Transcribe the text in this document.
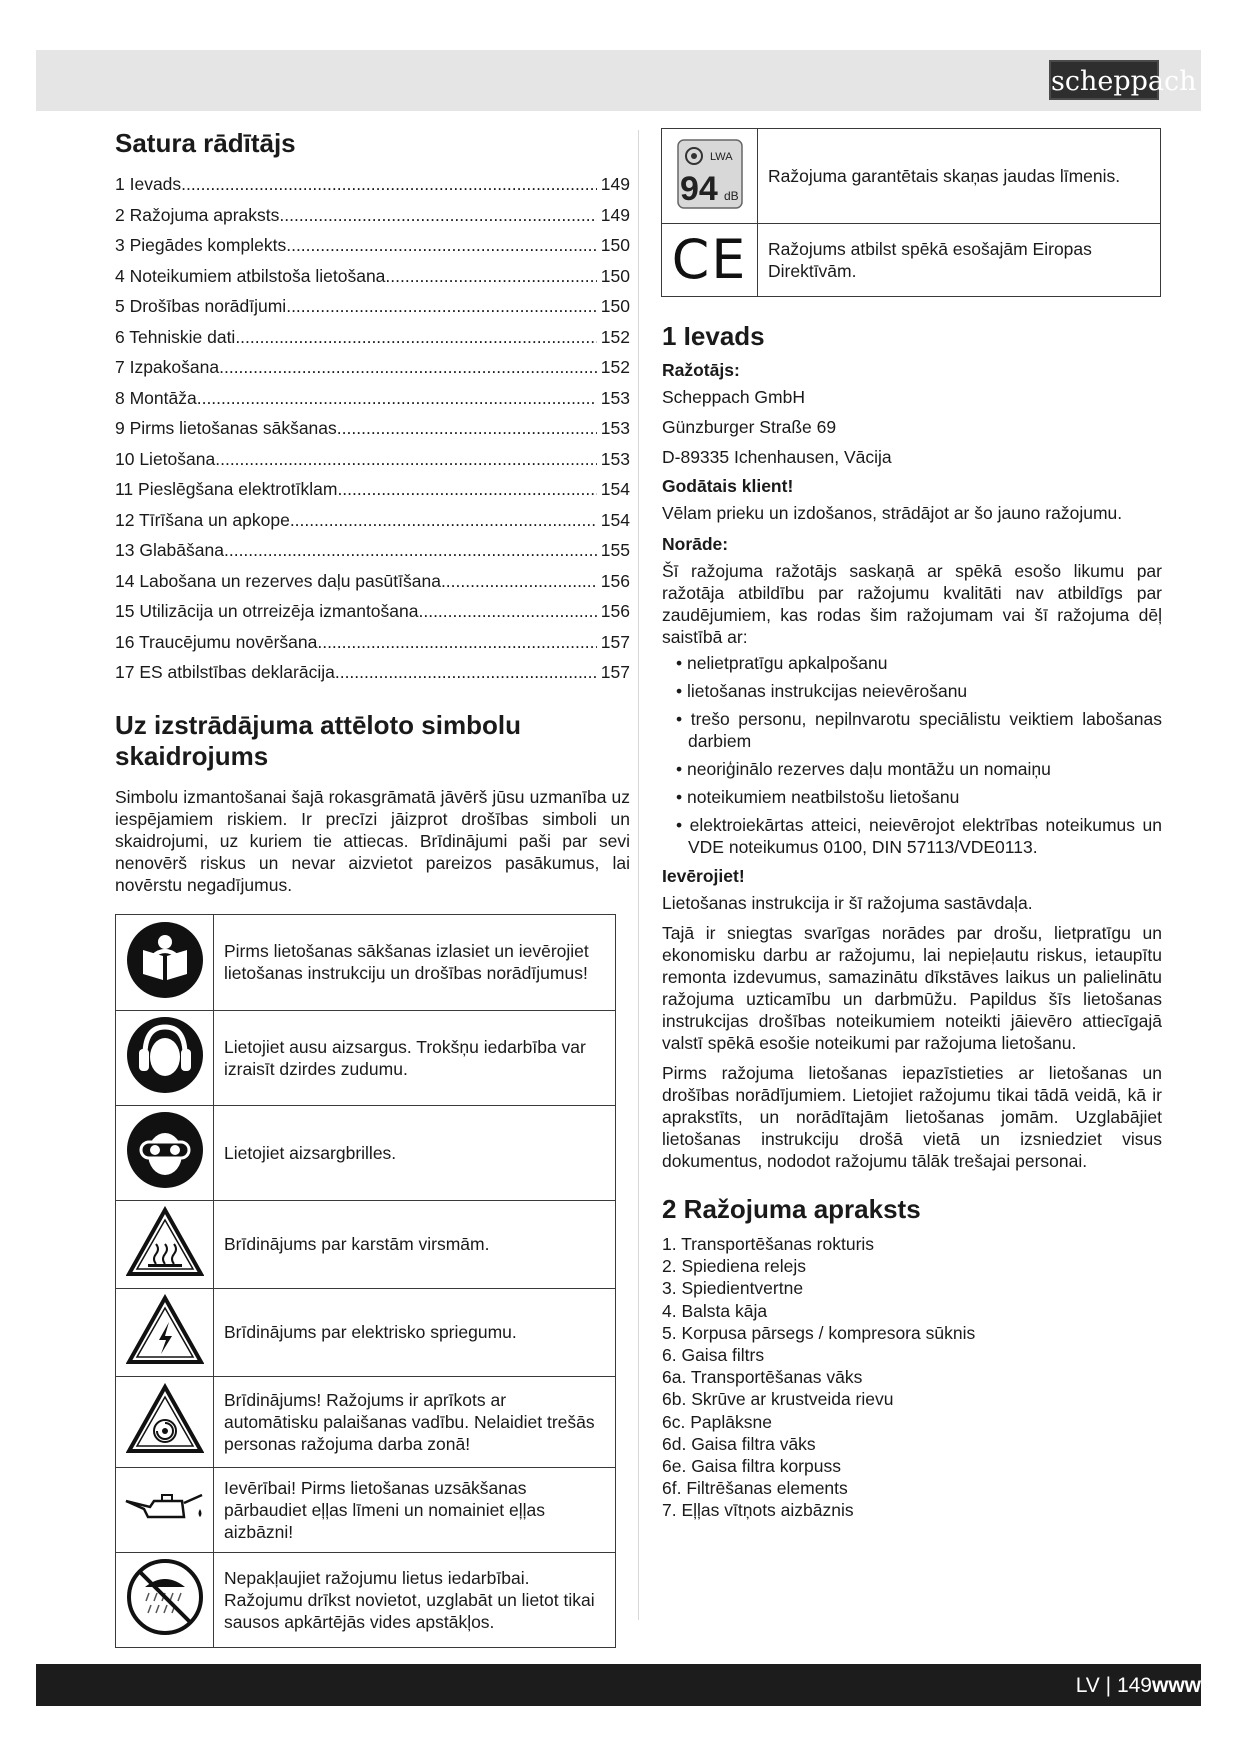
scheppach
Satura rādītājs
1 Ievads .....	149
2 Ražojuma apraksts .....	149
3 Piegādes komplekts .....	150
4 Noteikumiem atbilstoša lietošana .....	150
5 Drošības norādījumi .....	150
6 Tehniskie dati .....	152
7 Izpakošana .....	152
8 Montāža .....	153
9 Pirms lietošanas sākšanas .....	153
10 Lietošana .....	153
11 Pieslēgšana elektrotīklam .....	154
12 Tīrīšana un apkope .....	154
13 Glabāšana .....	155
14 Labošana un rezerves daļu pasūtīšana .....	156
15 Utilizācija un otrreizēja izmantošana .....	156
16 Traucējumu novēršana .....	157
17 ES atbilstības deklarācija .....	157
Uz izstrādājuma attēloto simbolu skaidrojums

Simbolu izmantošanai šajā rokasgrāmatā jāvērš jūsu uzmanība uz iespējamiem riskiem. Ir precīzi jāizprot drošības simboli un skaidrojumi, uz kuriem tie attiecas. Brīdinājumi paši par sevi nenovērš riskus un nevar aizvietot pareizos pasākumus, lai novērstu negadījumus.

	Pirms lietošanas sākšanas izlasiet un ievērojiet lietošanas instrukciju un drošības norādījumus!
	Lietojiet ausu aizsargus. Trokšņu iedarbība var izraisīt dzirdes zudumu.
	Lietojiet aizsargbrilles.
	Brīdinājums par karstām virsmām.
	Brīdinājums par elektrisko spriegumu.
	Brīdinājums! Ražojums ir aprīkots ar automātisku palaišanas vadību. Nelaidiet trešās personas ražojuma darba zonā!
	Ievērībai! Pirms lietošanas uzsākšanas pārbaudiet eļļas līmeni un nomainiet eļļas aizbāzni!
	Nepakļaujiet ražojumu lietus iedarbībai. Ražojumu drīkst novietot, uzglabāt un lietot tikai sausos apkārtējās vides apstākļos.
LWA
94 dB	Ražojuma garantētais skaņas jaudas līmenis.
CE	Ražojums atbilst spēkā esošajām Eiropas Direktīvām.
1 Ievads
Ražotājs:
Scheppach GmbH
Günzburger Straße 69
D-89335 Ichenhausen, Vācija
Godātais klient!

Vēlam prieku un izdošanos, strādājot ar šo jauno ražojumu.

Norāde:

Šī ražojuma ražotājs saskaņā ar spēkā esošo likumu par ražotāja atbildību par ražojumu kvalitāti nav atbildīgs par zaudējumiem, kas rodas šim ražojumam vai šī ražojuma dēļ saistībā ar:

• nelietpratīgu apkalpošanu
• lietošanas instrukcijas neievērošanu
• trešo personu, nepilnvarotu speciālistu veiktiem labošanas darbiem
• neoriģinālo rezerves daļu montāžu un nomaiņu
• noteikumiem neatbilstošu lietošanu
• elektroiekārtas atteici, neievērojot elektrības noteikumus un VDE noteikumus 0100, DIN 57113/VDE0113.
Ievērojiet!

Lietošanas instrukcija ir šī ražojuma sastāvdaļa.

Tajā ir sniegtas svarīgas norādes par drošu, lietpratīgu un ekonomisku darbu ar ražojumu, lai nepieļautu riskus, ietaupītu remonta izdevumus, samazinātu dīkstāves laikus un palielinātu ražojuma uzticamību un darbmūžu. Papildus šīs lietošanas instrukcijas drošības noteikumiem noteikti jāievēro attiecīgajā valstī spēkā esošie noteikumi par ražojuma lietošanu.

Pirms ražojuma lietošanas iepazīstieties ar lietošanas un drošības norādījumiem. Lietojiet ražojumu tikai tādā veidā, kā ir aprakstīts, un norādītajām lietošanas jomām. Uzglabājiet lietošanas instrukciju drošā vietā un izsniedziet visus dokumentus, nododot ražojumu tālāk trešajai personai.

2 Ražojuma apraksts
1. Transportēšanas rokturis
2. Spiediena relejs
3. Spiedientvertne
4. Balsta kāja
5. Korpusa pārsegs / kompresora sūknis
6. Gaisa filtrs
6a. Transportēšanas vāks
6b. Skrūve ar krustveida rievu
6c. Paplāksne
6d. Gaisa filtra vāks
6e. Gaisa filtra korpuss
6f. Filtrēšanas elements
7. Eļļas vītņots aizbāznis
LV | 149www
